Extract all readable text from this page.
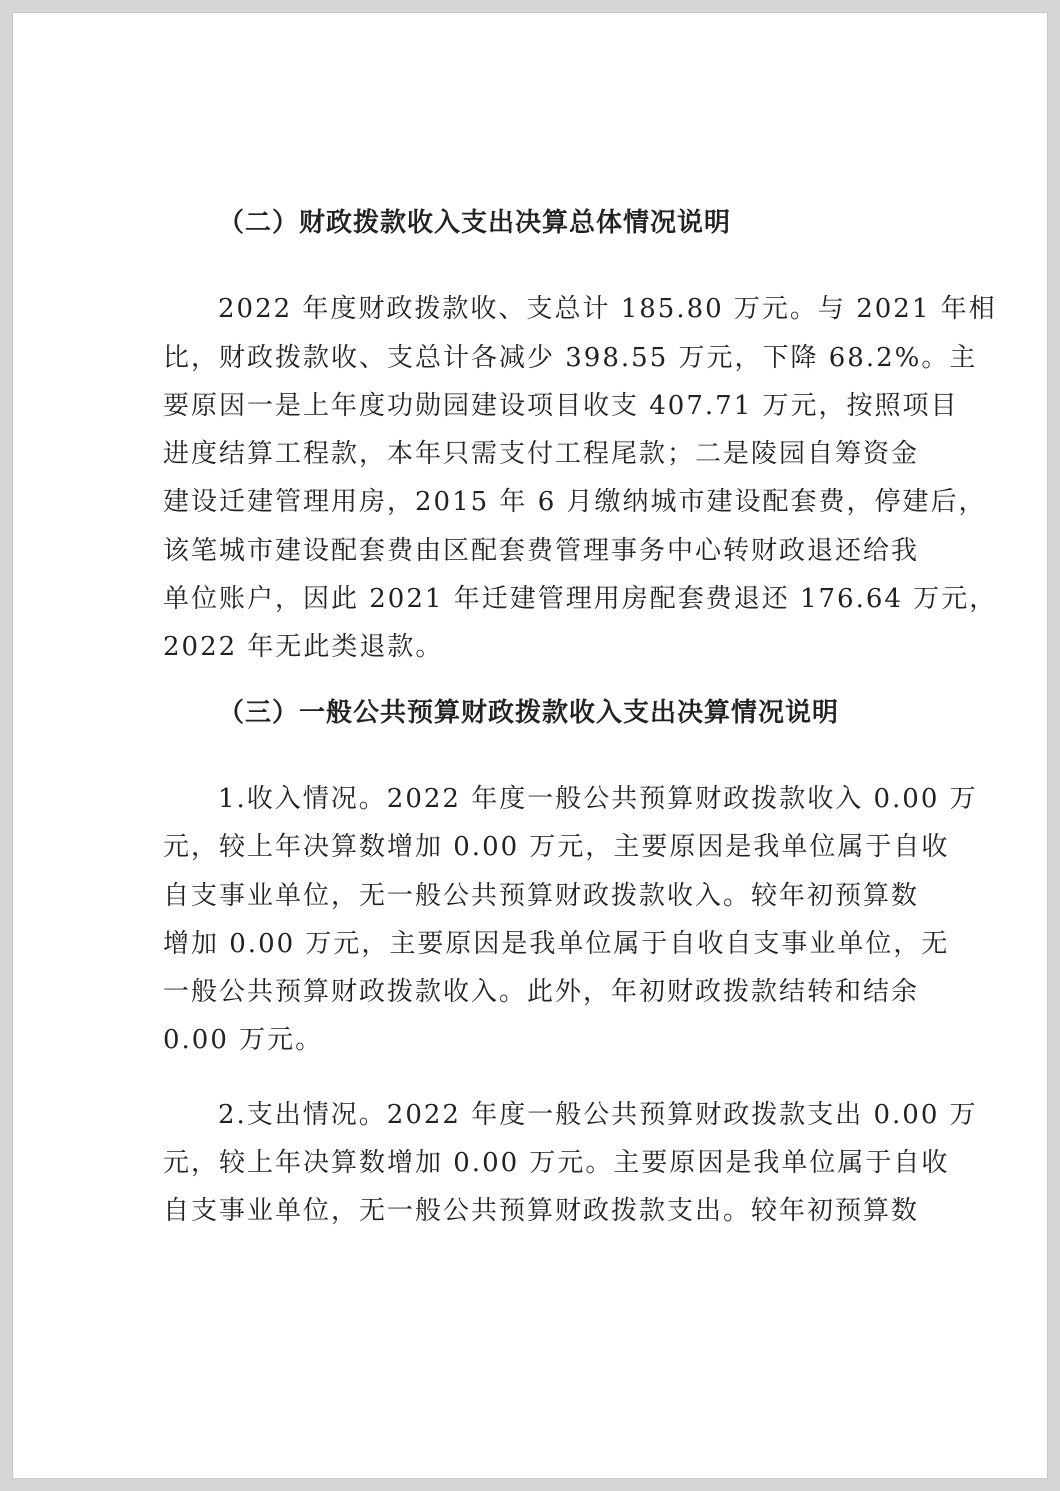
（二）财政拨款收入支出决算总体情况说明
2022 年度财政拨款收、支总计 185.80 万元。与 2021 年相
比，财政拨款收、支总计各减少 398.55 万元，下降 68.2%。主
要原因一是上年度功勋园建设项目收支 407.71 万元，按照项目
进度结算工程款，本年只需支付工程尾款；二是陵园自筹资金
建设迁建管理用房，2015 年 6 月缴纳城市建设配套费，停建后，
该笔城市建设配套费由区配套费管理事务中心转财政退还给我
单位账户，因此 2021 年迁建管理用房配套费退还 176.64 万元，
2022 年无此类退款。
（三）一般公共预算财政拨款收入支出决算情况说明
1.收入情况。2022 年度一般公共预算财政拨款收入 0.00 万
元，较上年决算数增加 0.00 万元，主要原因是我单位属于自收
自支事业单位，无一般公共预算财政拨款收入。较年初预算数
增加 0.00 万元，主要原因是我单位属于自收自支事业单位，无
一般公共预算财政拨款收入。此外，年初财政拨款结转和结余
0.00 万元。
2.支出情况。2022 年度一般公共预算财政拨款支出 0.00 万
元，较上年决算数增加 0.00 万元。主要原因是我单位属于自收
自支事业单位，无一般公共预算财政拨款支出。较年初预算数
